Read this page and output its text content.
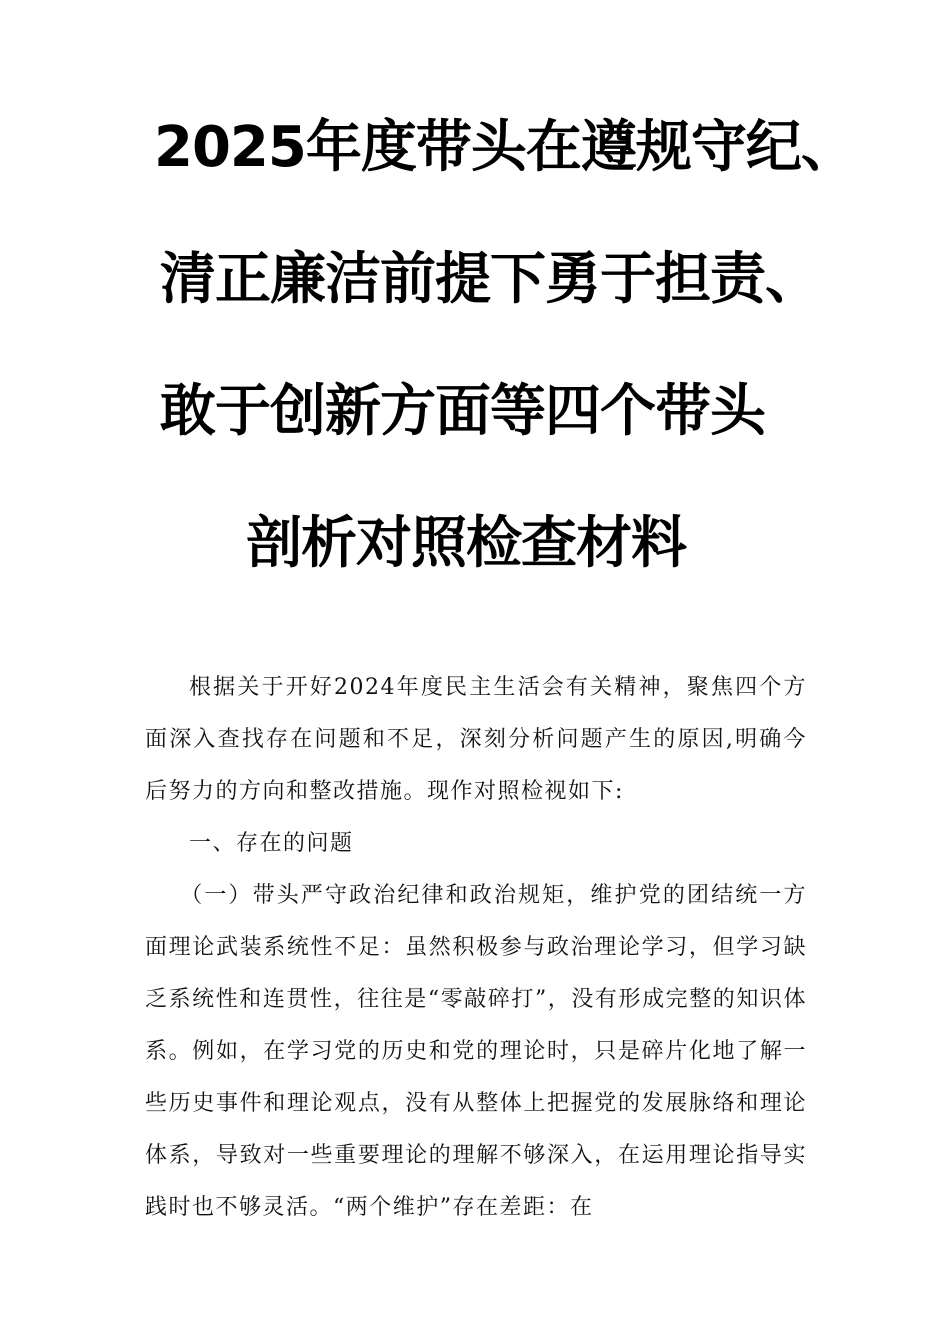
2025年度带头在遵规守纪、
清正廉洁前提下勇于担责、
敢于创新方面等四个带头
剖析对照检查材料

根据关于开好2024年度民主生活会有关精神，聚焦四个方面深入查找存在问题和不足，深刻分析问题产生的原因,明确今后努力的方向和整改措施。现作对照检视如下:

一、存在的问题

（一）带头严守政治纪律和政治规矩，维护党的团结统一方面理论武装系统性不足：虽然积极参与政治理论学习，但学习缺乏系统性和连贯性，往往是“零敲碎打”，没有形成完整的知识体系。例如，在学习党的历史和党的理论时，只是碎片化地了解一些历史事件和理论观点，没有从整体上把握党的发展脉络和理论体系，导致对一些重要理论的理解不够深入，在运用理论指导实践时也不够灵活。“两个维护”存在差距：在
